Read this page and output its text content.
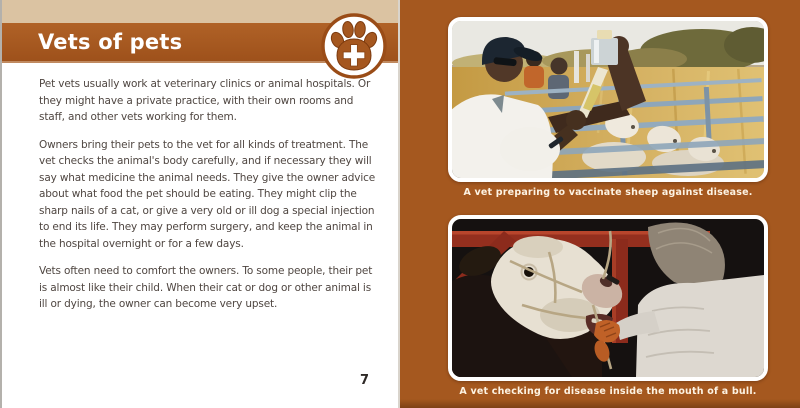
Vets of pets

Pet vets usually work at veterinary clinics or animal hospitals. Or they might have a private practice, with their own rooms and staff, and other vets working for them.

Owners bring their pets to the vet for all kinds of treatment. The vet checks the animal's body carefully, and if necessary they will say what medicine the animal needs. They give the owner advice about what food the pet should be eating. They might clip the sharp nails of a cat, or give a very old or ill dog a special injection to end its life. They may perform surgery, and keep the animal in the hospital overnight or for a few days.

Vets often need to comfort the owners. To some people, their pet is almost like their child. When their cat or dog or other animal is ill or dying, the owner can become very upset.

7
A vet preparing to vaccinate sheep against disease.
A vet checking for disease inside the mouth of a bull.
